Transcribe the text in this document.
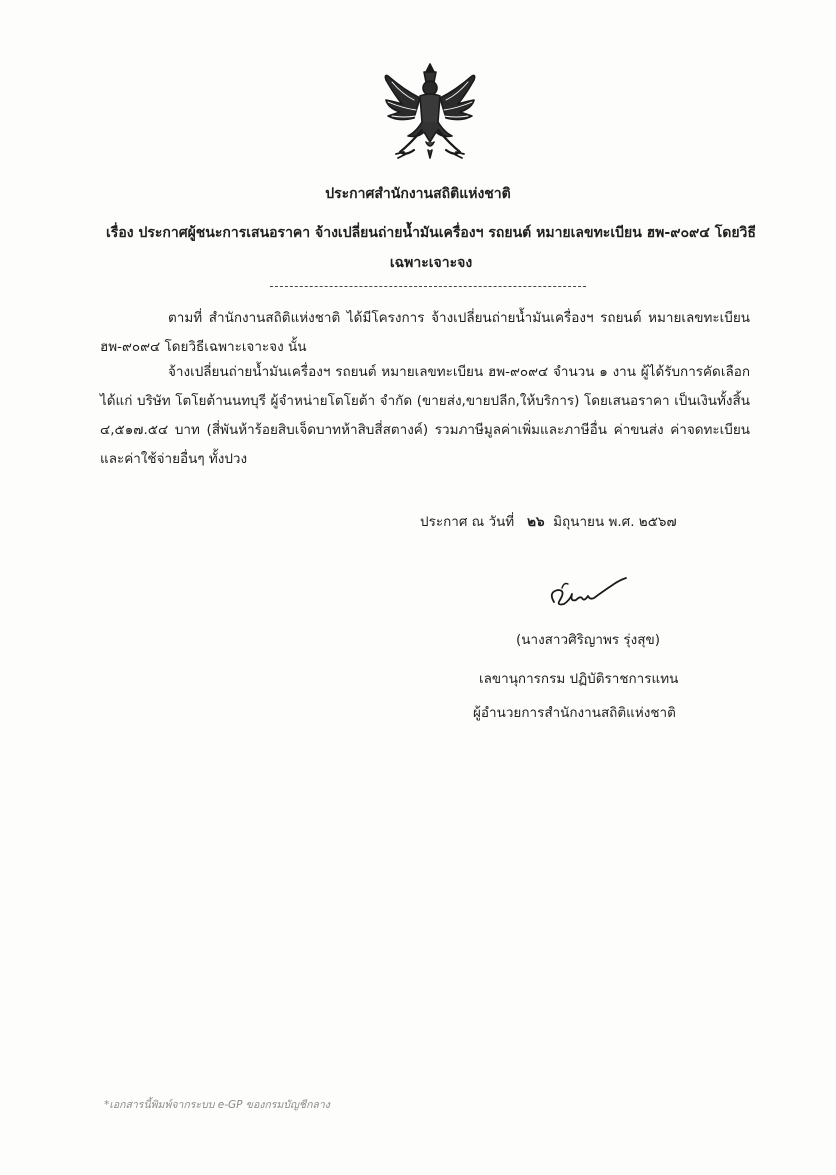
ประกาศสำนักงานสถิติแห่งชาติ
เรื่อง ประกาศผู้ชนะการเสนอราคา จ้างเปลี่ยนถ่ายน้ำมันเครื่องฯ รถยนต์ หมายเลขทะเบียน ฮพ-๙๐๙๔ โดยวิธี
เฉพาะเจาะจง
ตามที่ สำนักงานสถิติแห่งชาติ ได้มีโครงการ จ้างเปลี่ยนถ่ายน้ำมันเครื่องฯ รถยนต์ หมายเลขทะเบียน ฮพ-๙๐๙๔ โดยวิธีเฉพาะเจาะจง นั้น
จ้างเปลี่ยนถ่ายน้ำมันเครื่องฯ รถยนต์ หมายเลขทะเบียน ฮพ-๙๐๙๔ จำนวน ๑ งาน ผู้ได้รับการคัดเลือก ได้แก่ บริษัท โตโยต้านนทบุรี ผู้จำหน่ายโตโยต้า จำกัด (ขายส่ง,ขายปลีก,ให้บริการ) โดยเสนอราคา เป็นเงินทั้งสิ้น ๔,๕๑๗.๕๔ บาท (สี่พันห้าร้อยสิบเจ็ดบาทห้าสิบสี่สตางค์) รวมภาษีมูลค่าเพิ่มและภาษีอื่น ค่าขนส่ง ค่าจดทะเบียน และค่าใช้จ่ายอื่นๆ ทั้งปวง
ประกาศ ณ วันที่ ๒๖ มิถุนายน พ.ศ. ๒๕๖๗
(นางสาวศิริญาพร รุ่งสุข)
เลขานุการกรม ปฏิบัติราชการแทน
ผู้อำนวยการสำนักงานสถิติแห่งชาติ
*เอกสารนี้พิมพ์จากระบบ e-GP ของกรมบัญชีกลาง
